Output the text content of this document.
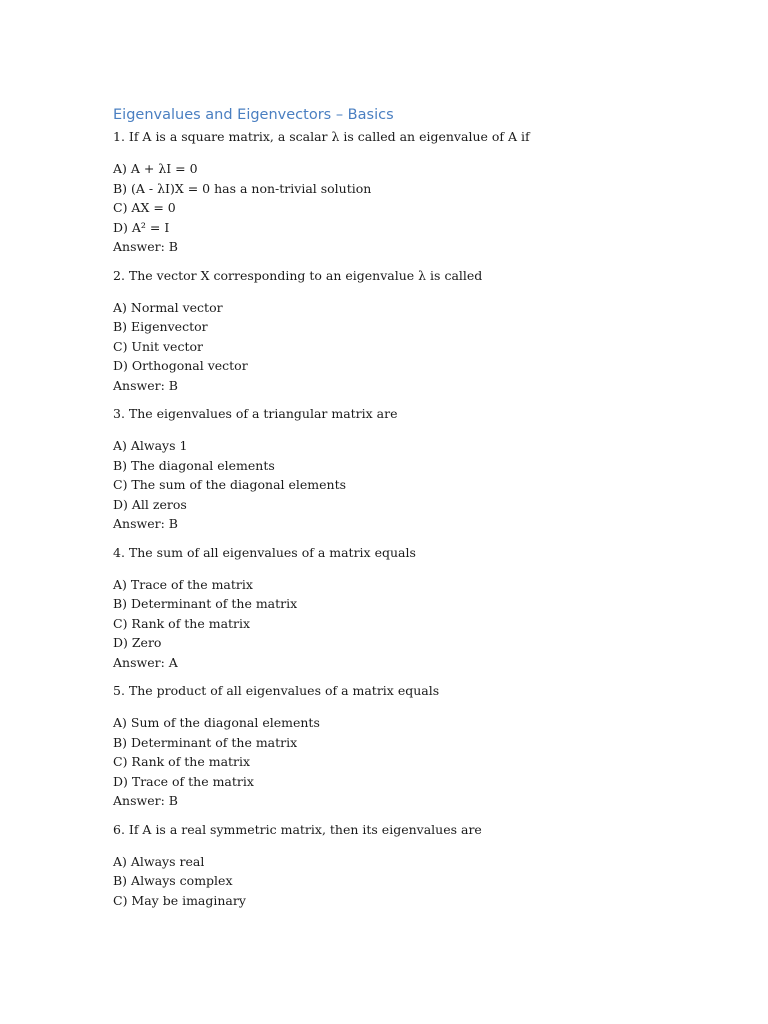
Eigenvalues and Eigenvectors – Basics
1. If A is a square matrix, a scalar λ is called an eigenvalue of A if
A) A + λI = 0
B) (A - λI)X = 0 has a non-trivial solution
C) AX = 0
D) A² = I
Answer: B
2. The vector X corresponding to an eigenvalue λ is called
A) Normal vector
B) Eigenvector
C) Unit vector
D) Orthogonal vector
Answer: B
3. The eigenvalues of a triangular matrix are
A) Always 1
B) The diagonal elements
C) The sum of the diagonal elements
D) All zeros
Answer: B
4. The sum of all eigenvalues of a matrix equals
A) Trace of the matrix
B) Determinant of the matrix
C) Rank of the matrix
D) Zero
Answer: A
5. The product of all eigenvalues of a matrix equals
A) Sum of the diagonal elements
B) Determinant of the matrix
C) Rank of the matrix
D) Trace of the matrix
Answer: B
6. If A is a real symmetric matrix, then its eigenvalues are
A) Always real
B) Always complex
C) May be imaginary
